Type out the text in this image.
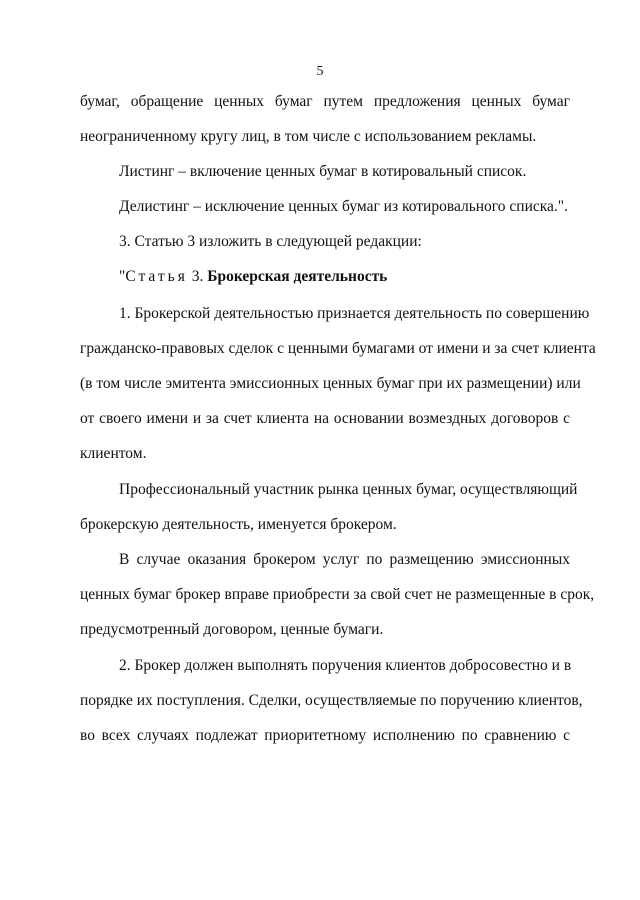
5
бумаг, обращение ценных бумаг путем предложения ценных бумаг
неограниченному кругу лиц, в том числе с использованием рекламы.
Листинг – включение ценных бумаг в котировальный список.
Делистинг – исключение ценных бумаг из котировального списка.".
3. Статью 3 изложить в следующей редакции:
"Статья 3. Брокерская деятельность
1. Брокерской деятельностью признается деятельность по совершению
гражданско-правовых сделок с ценными бумагами от имени и за счет клиента
(в том числе эмитента эмиссионных ценных бумаг при их размещении) или
от своего имени и за счет клиента на основании возмездных договоров с
клиентом.
Профессиональный участник рынка ценных бумаг, осуществляющий
брокерскую деятельность, именуется брокером.
В случае оказания брокером услуг по размещению эмиссионных
ценных бумаг брокер вправе приобрести за свой счет не размещенные в срок,
предусмотренный договором, ценные бумаги.
2. Брокер должен выполнять поручения клиентов добросовестно и в
порядке их поступления. Сделки, осуществляемые по поручению клиентов,
во всех случаях подлежат приоритетному исполнению по сравнению с
